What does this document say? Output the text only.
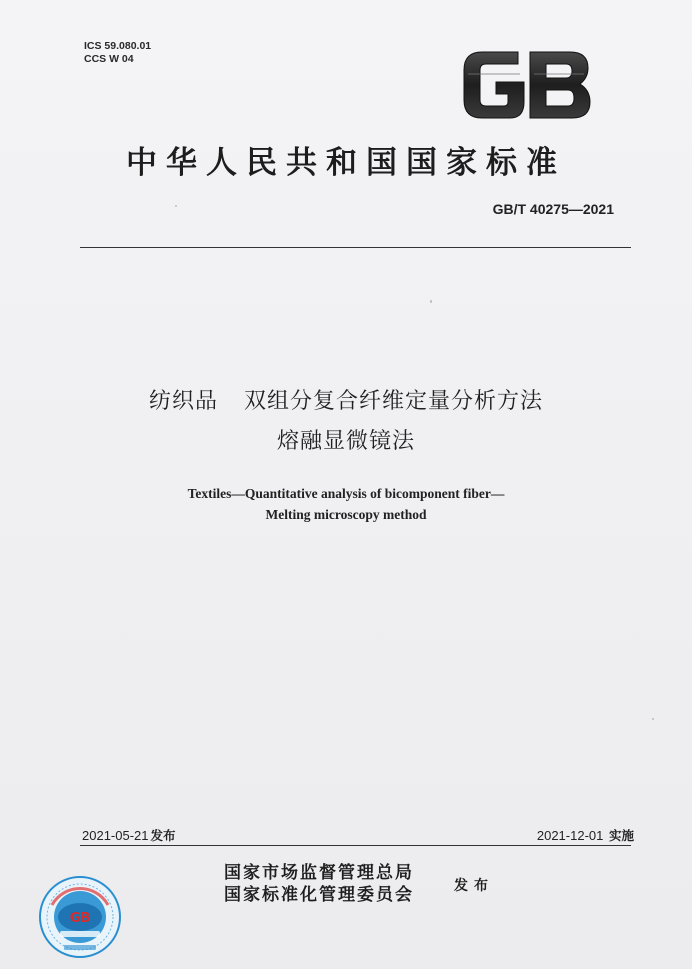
ICS 59.080.01
CCS W 04
中华人民共和国国家标准
GB/T 40275—2021
纺织品 双组分复合纤维定量分析方法
熔融显微镜法
Textiles—Quantitative analysis of bicomponent fiber—
Melting microscopy method
2021-05-21 发布	2021-12-01 实施
国家市场监督管理总局
国家标准化管理委员会	发布
GB
